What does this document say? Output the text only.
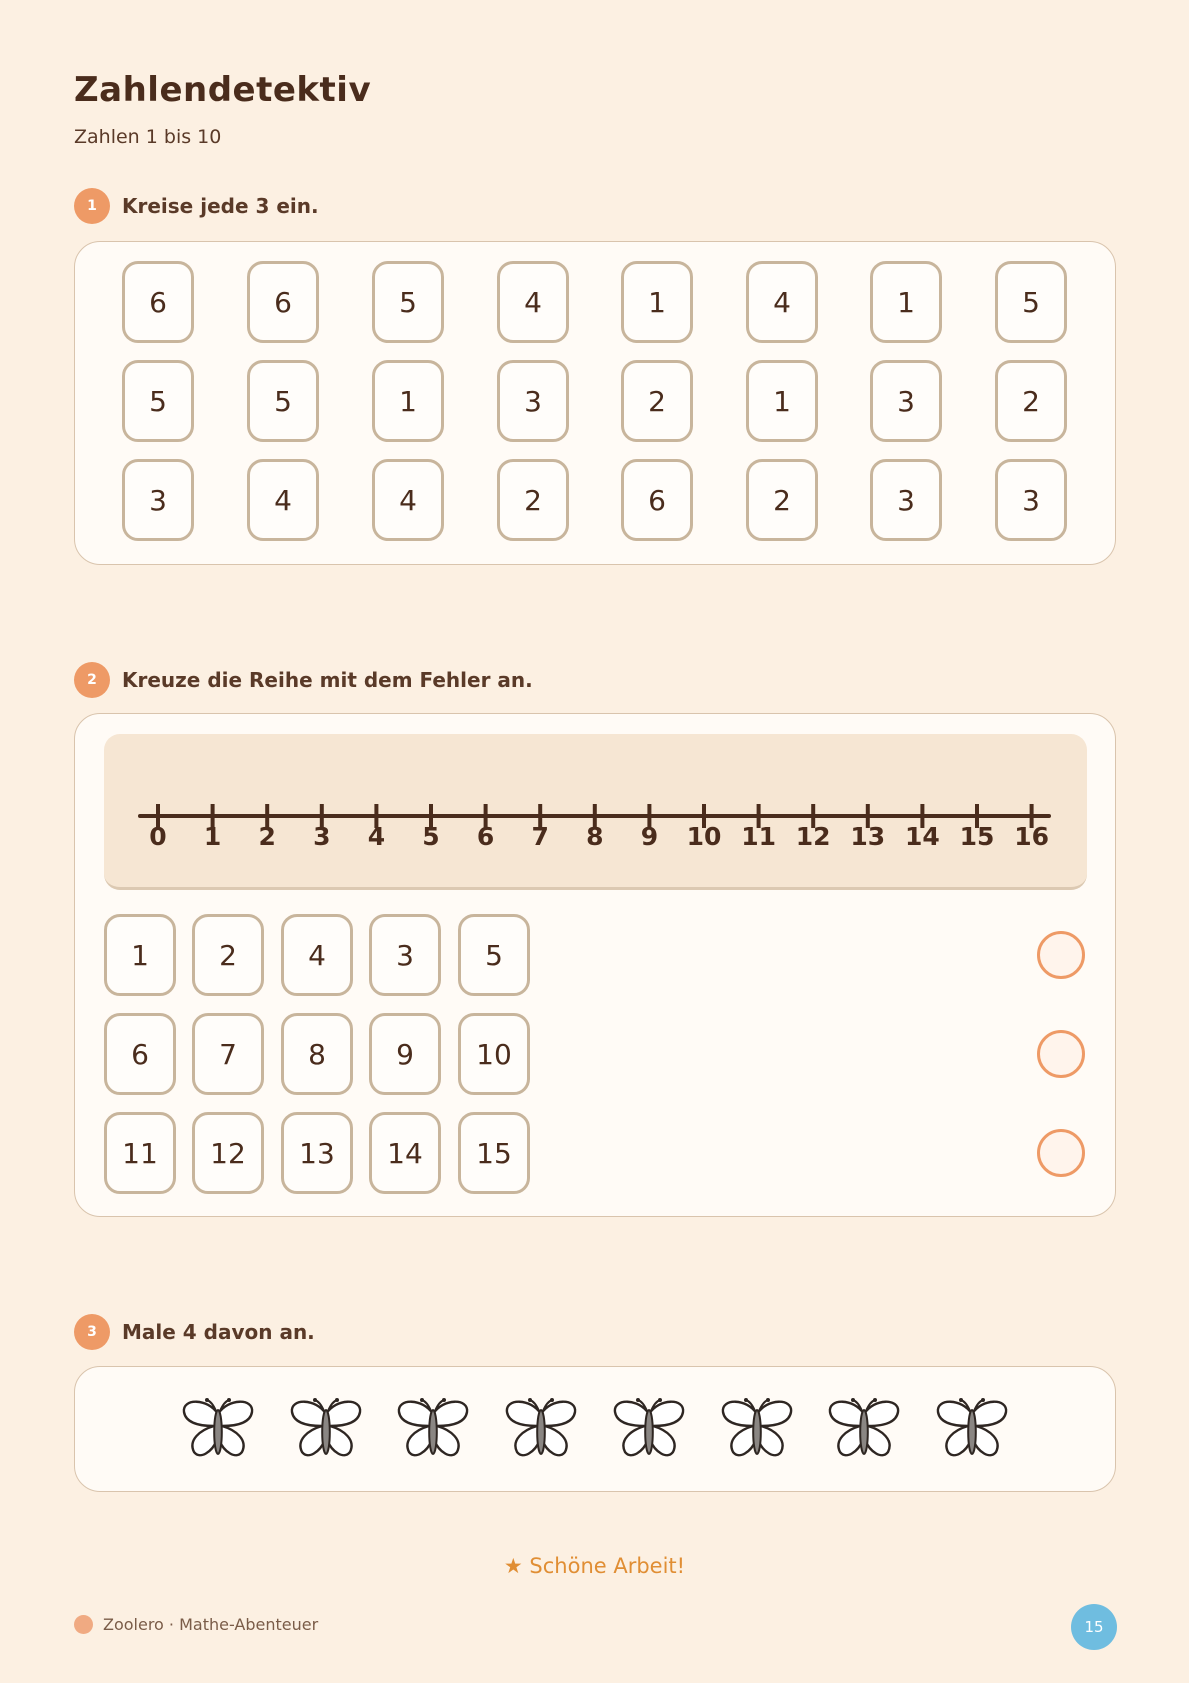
Zahlendetektiv
Zahlen 1 bis 10
1	Kreise jede 3 ein.
2	Kreuze die Reihe mit dem Fehler an.
0 1 2 3 4 5 6 7 8 9 10 11 12 13 14 15 16
1	2	4	3	5
6	7	8	9	10
11	12	13	14	15
3	Male 4 davon an.
★ Schöne Arbeit!
Zoolero · Mathe-Abenteuer	15
6	6	5	4	1	4	1	5
5	5	1	3	2	1	3	2
3	4	4	2	6	2	3	3
